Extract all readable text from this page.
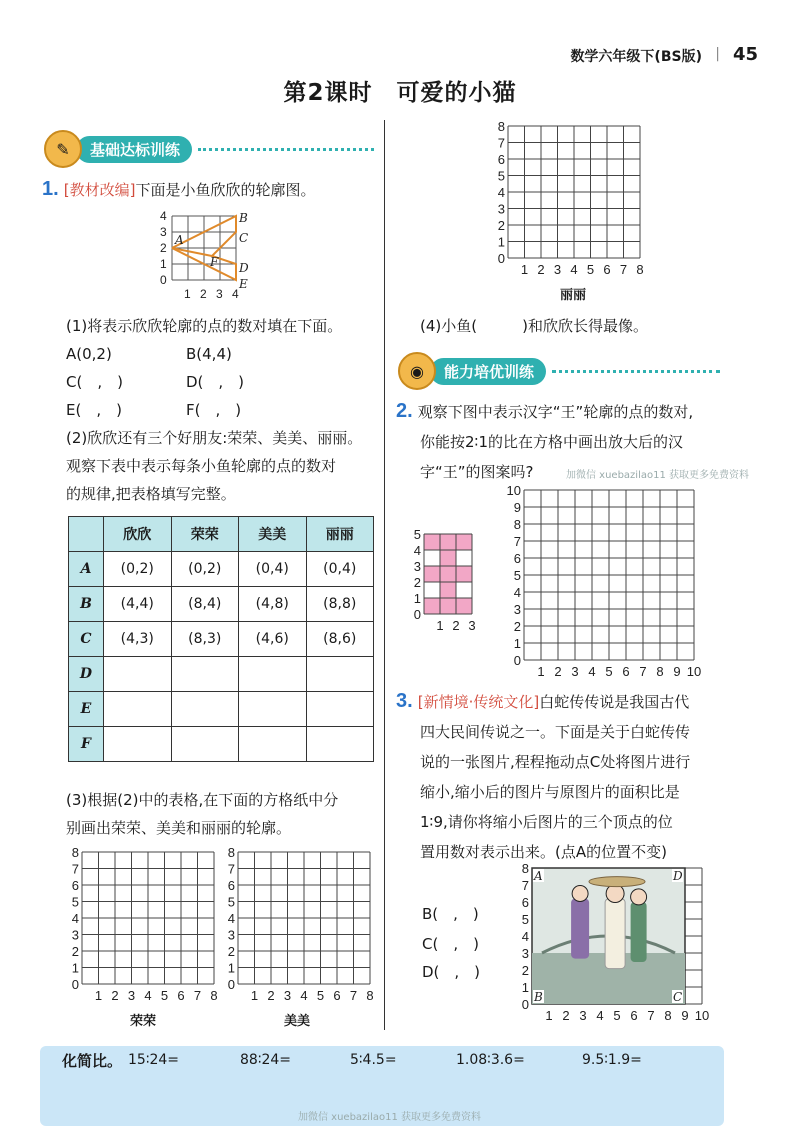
数学六年级下(BS版) | 45
第2课时　可爱的小猫
✎	基础达标训练
1. [教材改编]下面是小鱼欣欣的轮廓图。
4
3
2
1
0
1 2 3 4
A
B
C
D
E
F
(1)将表示欣欣轮廓的点的数对填在下面。
A(0,2)	B(4,4)
C(　,　)	D(　,　)
E(　,　)	F(　,　)
(2)欣欣还有三个好朋友:荣荣、美美、丽丽。
观察下表中表示每条小鱼轮廓的点的数对
的规律,把表格填写完整。
	欣欣	荣荣	美美	丽丽
A	(0,2)	(0,2)	(0,4)	(0,4)
B	(4,4)	(8,4)	(4,8)	(8,8)
C	(4,3)	(8,3)	(4,6)	(8,6)
D				
E				
F				
(3)根据(2)中的表格,在下面的方格纸中分
别画出荣荣、美美和丽丽的轮廓。
8
7
6
5
4
3
2
1
0
1 2 3 4 5 6 7 8
荣荣
8
7
6
5
4
3
2
1
0
1 2 3 4 5 6 7 8
美美
8
7
6
5
4
3
2
1
0
1 2 3 4 5 6 7 8
丽丽
(4)小鱼(　　　)和欣欣长得最像。
◉	能力培优训练
2. 观察下图中表示汉字“王”轮廓的点的数对,
你能按2∶1的比在方格中画出放大后的汉
字“王”的图案吗?	加微信 xuebazilao11 获取更多免费资料
5
4
3
2
1
0
1 2 3
10
9
8
7
6
5
4
3
2
1
0
1 2 3 4 5 6 7 8 9 10
3. [新情境·传统文化]白蛇传传说是我国古代
四大民间传说之一。下面是关于白蛇传传
说的一张图片,程程拖动点C处将图片进行
缩小,缩小后的图片与原图片的面积比是
1∶9,请你将缩小后图片的三个顶点的位
置用数对表示出来。(点A的位置不变)
B(　,　)
C(　,　)
D(　,　)
8
7
6
5
4
3
2
1
0
1 2 3 4 5 6 7 8 9 10
A	D
B	C
化简比。 15∶24=	88∶24=	5∶4.5=	1.08∶3.6=	9.5∶1.9=
加微信 xuebazilao11 获取更多免费资料
